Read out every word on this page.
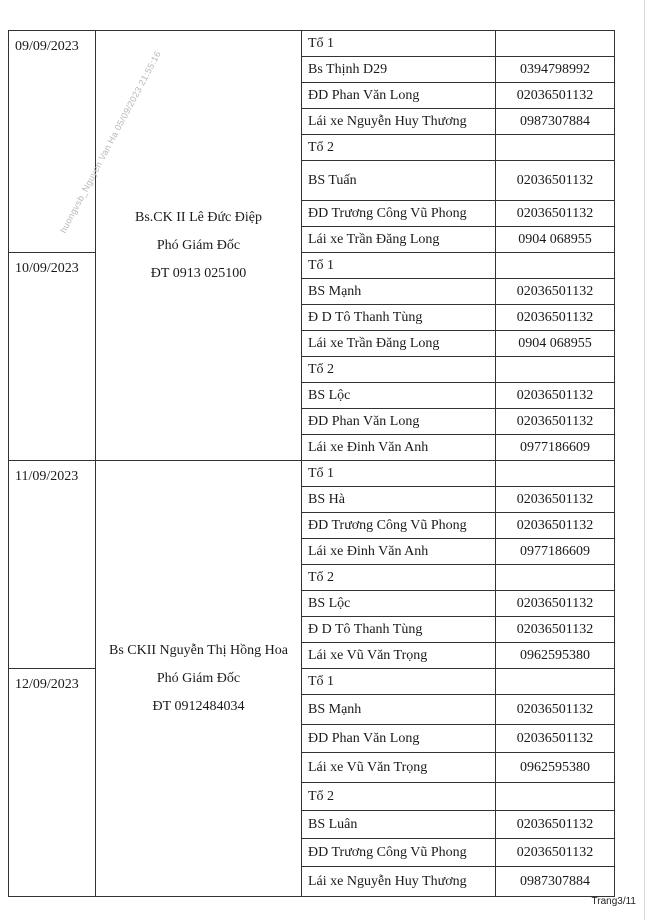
09/09/2023	Bs.CK II Lê Đức Điệp
Phó Giám Đốc
ĐT 0913 025100	Tổ 1	
		Bs Thịnh D29	0394798992
		ĐD Phan Văn Long	02036501132
		Lái xe Nguyễn Huy Thương	0987307884
		Tổ 2	
		BS Tuấn	02036501132
		ĐD Trương Công Vũ Phong	02036501132
		Lái xe Trần Đăng Long	0904 068955
10/09/2023		Tổ 1	
		BS Mạnh	02036501132
		Đ D Tô Thanh Tùng	02036501132
		Lái xe Trần Đăng Long	0904 068955
		Tổ 2	
		BS Lộc	02036501132
		ĐD Phan Văn Long	02036501132
		Lái xe Đinh Văn Anh	0977186609
11/09/2023	Bs CKII Nguyễn Thị Hồng Hoa
Phó Giám Đốc
ĐT 0912484034	Tổ 1	
		BS Hà	02036501132
		ĐD Trương Công Vũ Phong	02036501132
		Lái xe Đinh Văn Anh	0977186609
		Tổ 2	
		BS Lộc	02036501132
		Đ D Tô Thanh Tùng	02036501132
		Lái xe Vũ Văn Trọng	0962595380
12/09/2023		Tổ 1	
		BS Mạnh	02036501132
		ĐD Phan Văn Long	02036501132
		Lái xe Vũ Văn Trọng	0962595380
		Tổ 2	
		BS Luân	02036501132
		ĐD Trương Công Vũ Phong	02036501132
		Lái xe Nguyễn Huy Thương	0987307884
huongvsb_Nguyen Van Ha 05/09/2023 21:55:16
Trang3/11
